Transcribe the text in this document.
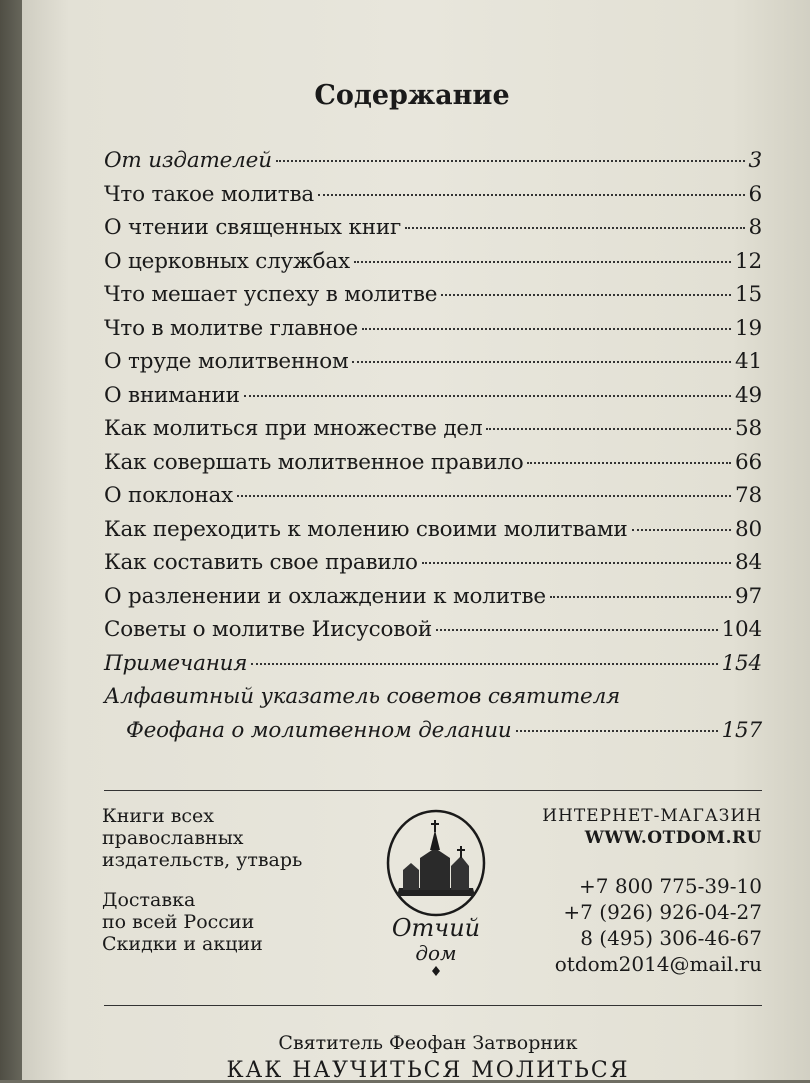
Содержание
От издателей	3
Что такое молитва	6
О чтении священных книг	8
О церковных службах	12
Что мешает успеху в молитве	15
Что в молитве главное	19
О труде молитвенном	41
О внимании	49
Как молиться при множестве дел	58
Как совершать молитвенное правило	66
О поклонах	78
Как переходить к молению своими молитвами	80
Как составить свое правило	84
О разленении и охлаждении к молитве	97
Советы о молитве Иисусовой	104
Примечания	154
Алфавитный указатель советов святителя
Феофана о молитвенном делании	157

Книги всех

православных

издательств, утварь

Доставка

по всей России

Скидки и акции

Отчий
дом
ИНТЕРНЕТ-МАГАЗИН
WWW.OTDOM.RU
+7 800 775-39-10
+7 (926) 926-04-27
8 (495) 306-46-67
otdom2014@mail.ru
Святитель Феофан Затворник
КАК НАУЧИТЬСЯ МОЛИТЬСЯ
